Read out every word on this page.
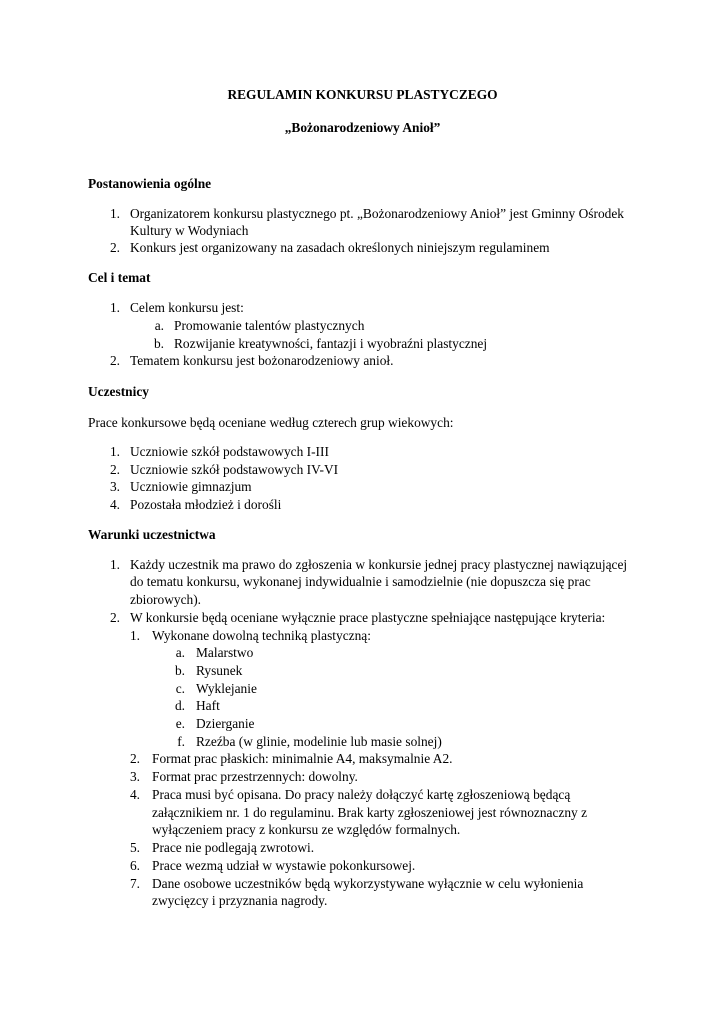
REGULAMIN KONKURSU PLASTYCZEGO
„Bożonarodzeniowy Anioł”
Postanowienia ogólne
1. Organizatorem konkursu plastycznego pt. „Bożonarodzeniowy Anioł” jest Gminny Ośrodek
Kultury w Wodyniach
2. Konkurs jest organizowany na zasadach określonych niniejszym regulaminem
Cel i temat
1. Celem konkursu jest:
a. Promowanie talentów plastycznych
b. Rozwijanie kreatywności, fantazji i wyobraźni plastycznej
2. Tematem konkursu jest bożonarodzeniowy anioł.
Uczestnicy
Prace konkursowe będą oceniane według czterech grup wiekowych:
1. Uczniowie szkół podstawowych I-III
2. Uczniowie szkół podstawowych IV-VI
3. Uczniowie gimnazjum
4. Pozostała młodzież i dorośli
Warunki uczestnictwa
1. Każdy uczestnik ma prawo do zgłoszenia w konkursie jednej pracy plastycznej nawiązującej
do tematu konkursu, wykonanej indywidualnie i samodzielnie (nie dopuszcza się prac
zbiorowych).
2. W konkursie będą oceniane wyłącznie prace plastyczne spełniające następujące kryteria:
1. Wykonane dowolną techniką plastyczną:
a. Malarstwo
b. Rysunek
c. Wyklejanie
d. Haft
e. Dzierganie
f. Rzeźba (w glinie, modelinie lub masie solnej)
2. Format prac płaskich: minimalnie A4, maksymalnie A2.
3. Format prac przestrzennych: dowolny.
4. Praca musi być opisana. Do pracy należy dołączyć kartę zgłoszeniową będącą
załącznikiem nr. 1 do regulaminu. Brak karty zgłoszeniowej jest równoznaczny z
wyłączeniem pracy z konkursu ze względów formalnych.
5. Prace nie podlegają zwrotowi.
6. Prace wezmą udział w wystawie pokonkursowej.
7. Dane osobowe uczestników będą wykorzystywane wyłącznie w celu wyłonienia
zwycięzcy i przyznania nagrody.
